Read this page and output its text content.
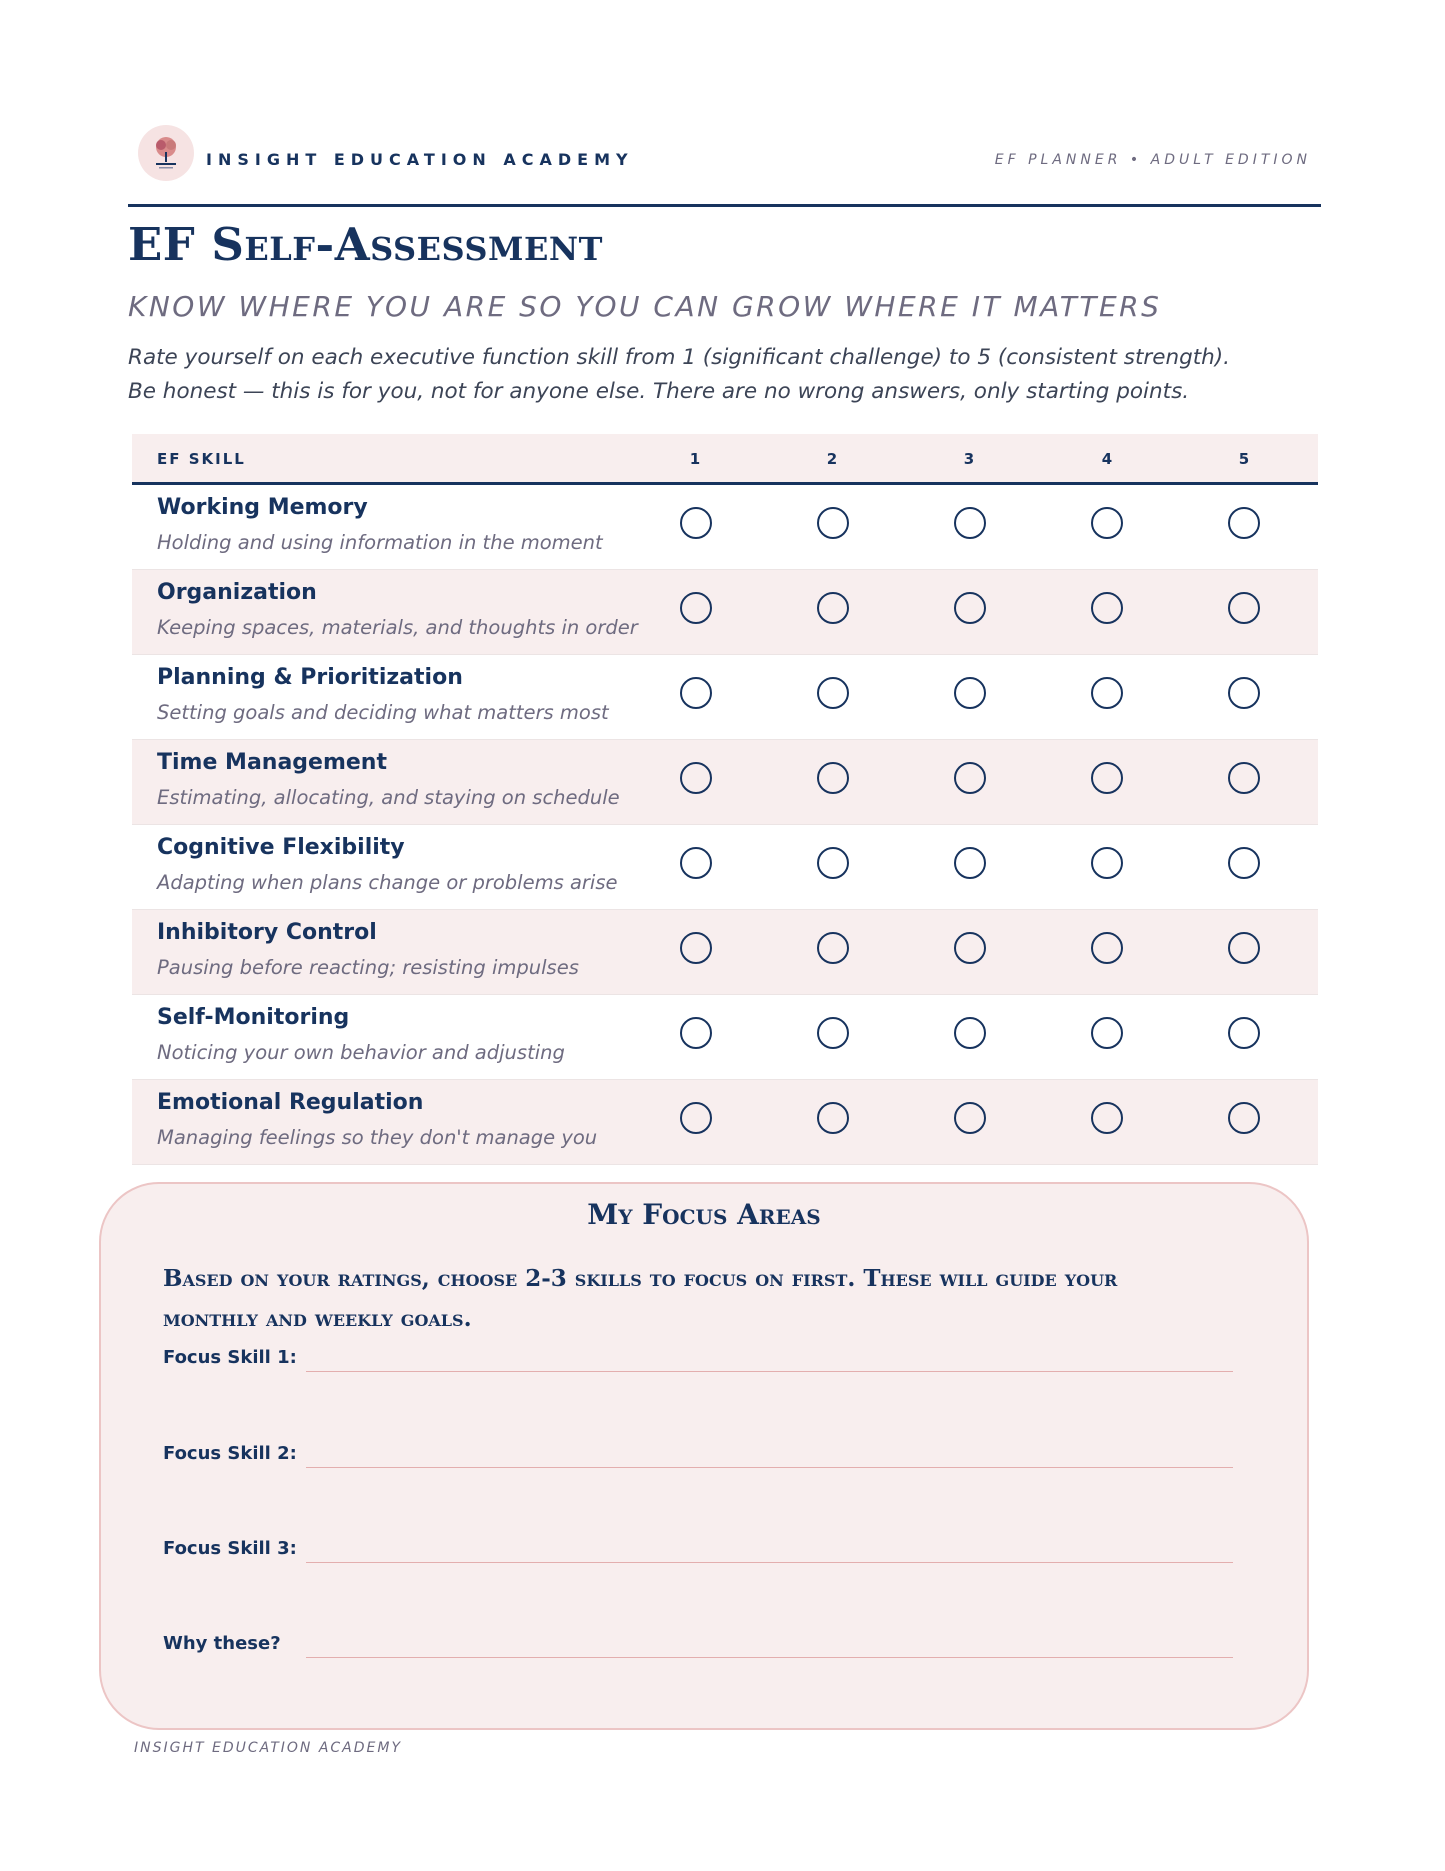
INSIGHT EDUCATION ACADEMY	EF PLANNER • ADULT EDITION
EF Self-Assessment
KNOW WHERE YOU ARE SO YOU CAN GROW WHERE IT MATTERS

Rate yourself on each executive function skill from 1 (significant challenge) to 5 (consistent strength).

Be honest — this is for you, not for anyone else. There are no wrong answers, only starting points.

EF SKILL	1	2	3	4	5
Working Memory
Holding and using information in the moment
Organization
Keeping spaces, materials, and thoughts in order
Planning & Prioritization
Setting goals and deciding what matters most
Time Management
Estimating, allocating, and staying on schedule
Cognitive Flexibility
Adapting when plans change or problems arise
Inhibitory Control
Pausing before reacting; resisting impulses
Self-Monitoring
Noticing your own behavior and adjusting
Emotional Regulation
Managing feelings so they don't manage you
My Focus Areas
Based on your ratings, choose 2-3 skills to focus on first. These will guide your monthly and weekly goals.
Focus Skill 1:
Focus Skill 2:
Focus Skill 3:
Why these?
INSIGHT EDUCATION ACADEMY
